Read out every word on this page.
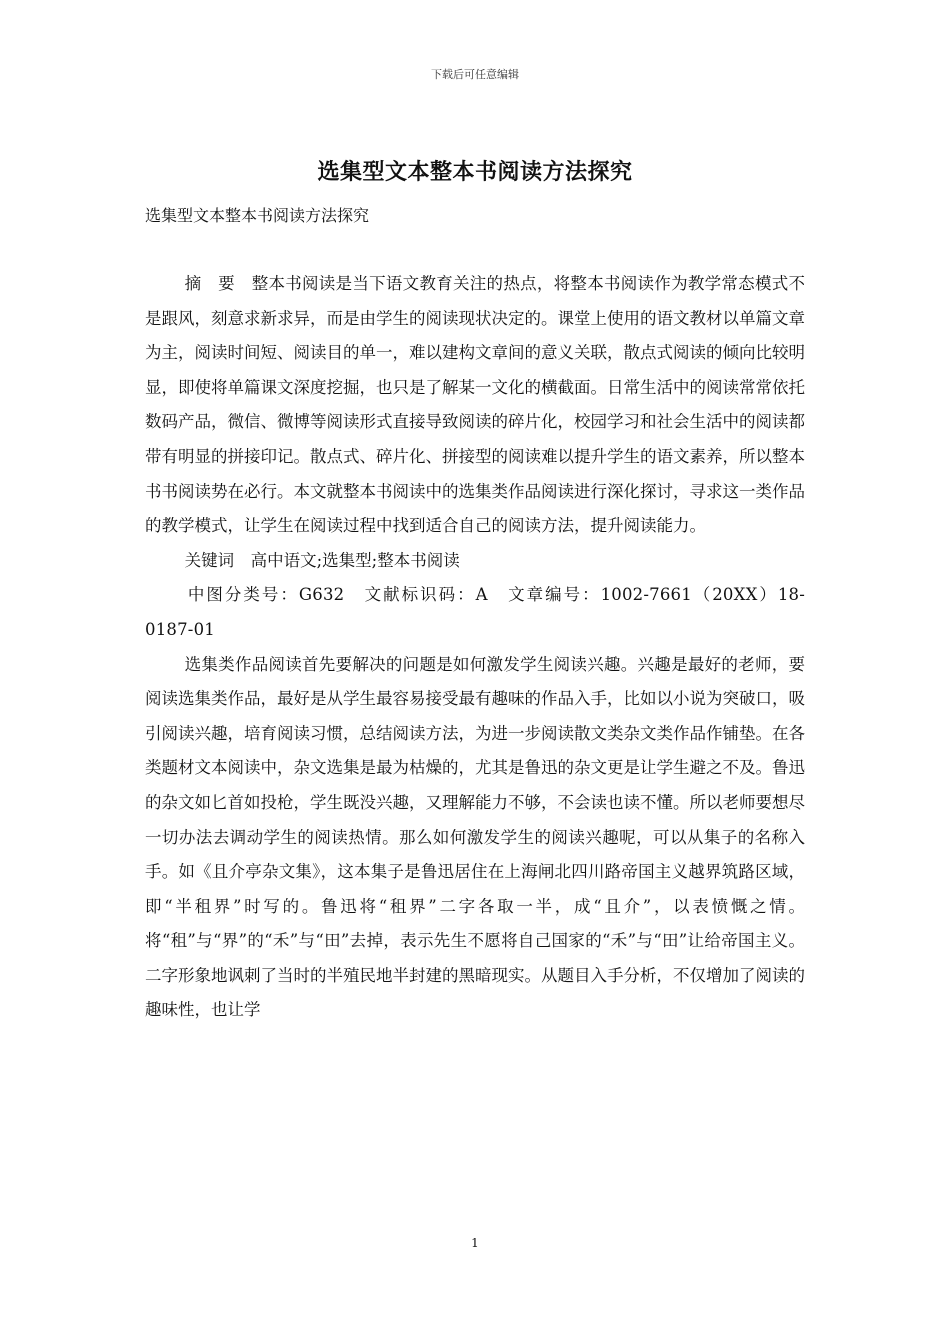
下载后可任意编辑
选集型文本整本书阅读方法探究
选集型文本整本书阅读方法探究

摘　要　整本书阅读是当下语文教育关注的热点，将整本书阅读作为教学常态模式不是跟风，刻意求新求异，而是由学生的阅读现状决定的。课堂上使用的语文教材以单篇文章为主，阅读时间短、阅读目的单一，难以建构文章间的意义关联，散点式阅读的倾向比较明显，即使将单篇课文深度挖掘，也只是了解某一文化的横截面。日常生活中的阅读常常依托数码产品，微信、微博等阅读形式直接导致阅读的碎片化，校园学习和社会生活中的阅读都带有明显的拼接印记。散点式、碎片化、拼接型的阅读难以提升学生的语文素养，所以整本书书阅读势在必行。本文就整本书阅读中的选集类作品阅读进行深化探讨，寻求这一类作品的教学模式，让学生在阅读过程中找到适合自己的阅读方法，提升阅读能力。

关键词　高中语文;选集型;整本书阅读

中图分类号：G632　文献标识码：A　文章编号：1002-7661（20XX）18-0187-01

选集类作品阅读首先要解决的问题是如何激发学生阅读兴趣。兴趣是最好的老师，要阅读选集类作品，最好是从学生最容易接受最有趣味的作品入手，比如以小说为突破口，吸引阅读兴趣，培育阅读习惯，总结阅读方法，为进一步阅读散文类杂文类作品作铺垫。在各类题材文本阅读中，杂文选集是最为枯燥的，尤其是鲁迅的杂文更是让学生避之不及。鲁迅的杂文如匕首如投枪，学生既没兴趣，又理解能力不够，不会读也读不懂。所以老师要想尽一切办法去调动学生的阅读热情。那么如何激发学生的阅读兴趣呢，可以从集子的名称入手。如《且介亭杂文集》，这本集子是鲁迅居住在上海闸北四川路帝国主义越界筑路区域，即“半租界”时写的。鲁迅将“租界”二字各取一半，成“且介”，以表愤慨之情。将“租”与“界”的“禾”与“田”去掉，表示先生不愿将自己国家的“禾”与“田”让给帝国主义。二字形象地讽刺了当时的半殖民地半封建的黑暗现实。从题目入手分析，不仅增加了阅读的趣味性，也让学

1
